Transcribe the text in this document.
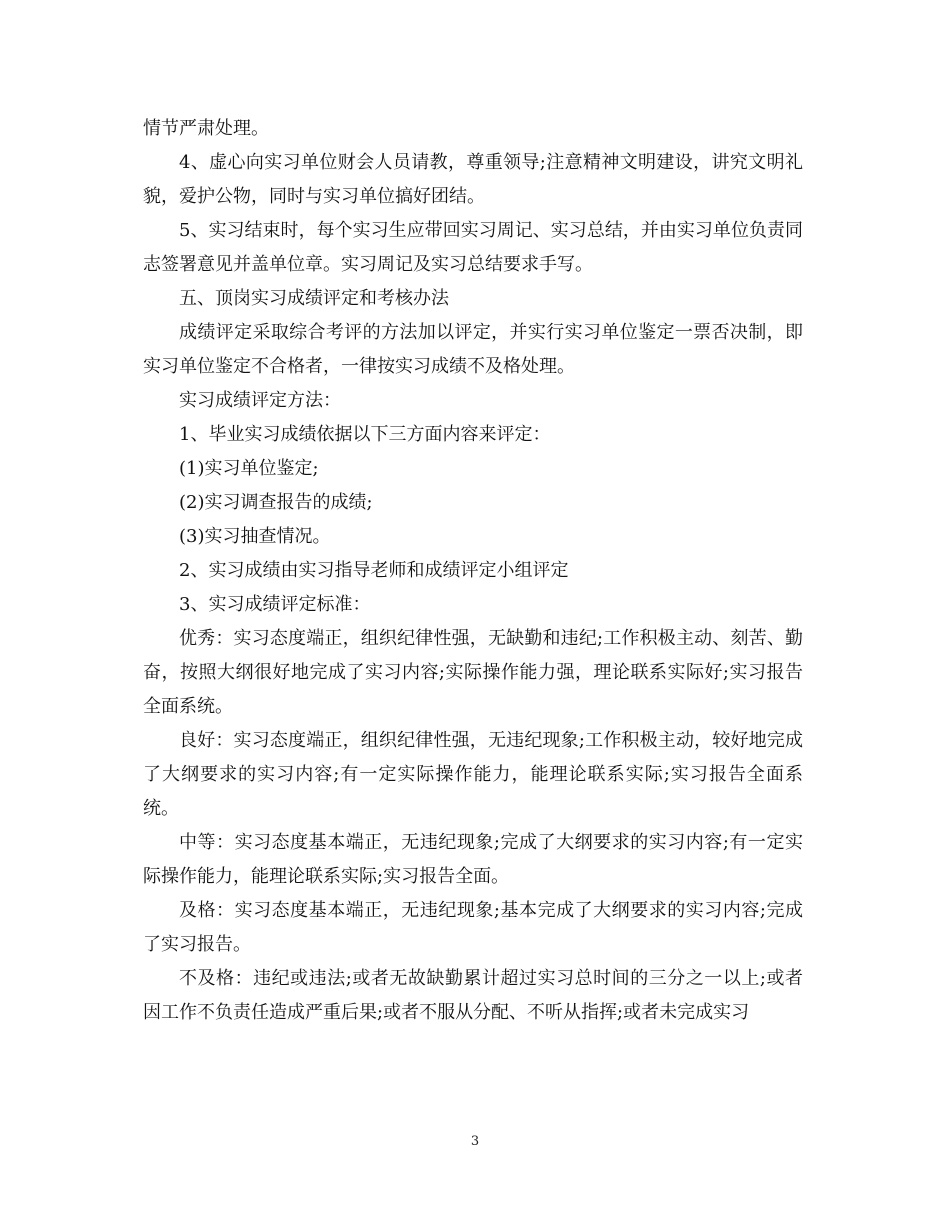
情节严肃处理。

4、虚心向实习单位财会人员请教，尊重领导;注意精神文明建设，讲究文明礼貌，爱护公物，同时与实习单位搞好团结。

5、实习结束时，每个实习生应带回实习周记、实习总结，并由实习单位负责同志签署意见并盖单位章。实习周记及实习总结要求手写。

五、顶岗实习成绩评定和考核办法

成绩评定采取综合考评的方法加以评定，并实行实习单位鉴定一票否决制，即实习单位鉴定不合格者，一律按实习成绩不及格处理。

实习成绩评定方法：

1、毕业实习成绩依据以下三方面内容来评定：

(1)实习单位鉴定;

(2)实习调查报告的成绩;

(3)实习抽查情况。

2、实习成绩由实习指导老师和成绩评定小组评定

3、实习成绩评定标准：

优秀：实习态度端正，组织纪律性强，无缺勤和违纪;工作积极主动、刻苦、勤奋，按照大纲很好地完成了实习内容;实际操作能力强，理论联系实际好;实习报告全面系统。

良好：实习态度端正，组织纪律性强，无违纪现象;工作积极主动，较好地完成了大纲要求的实习内容;有一定实际操作能力，能理论联系实际;实习报告全面系统。

中等：实习态度基本端正，无违纪现象;完成了大纲要求的实习内容;有一定实际操作能力，能理论联系实际;实习报告全面。

及格：实习态度基本端正，无违纪现象;基本完成了大纲要求的实习内容;完成了实习报告。

不及格：违纪或违法;或者无故缺勤累计超过实习总时间的三分之一以上;或者因工作不负责任造成严重后果;或者不服从分配、不听从指挥;或者未完成实习

3
